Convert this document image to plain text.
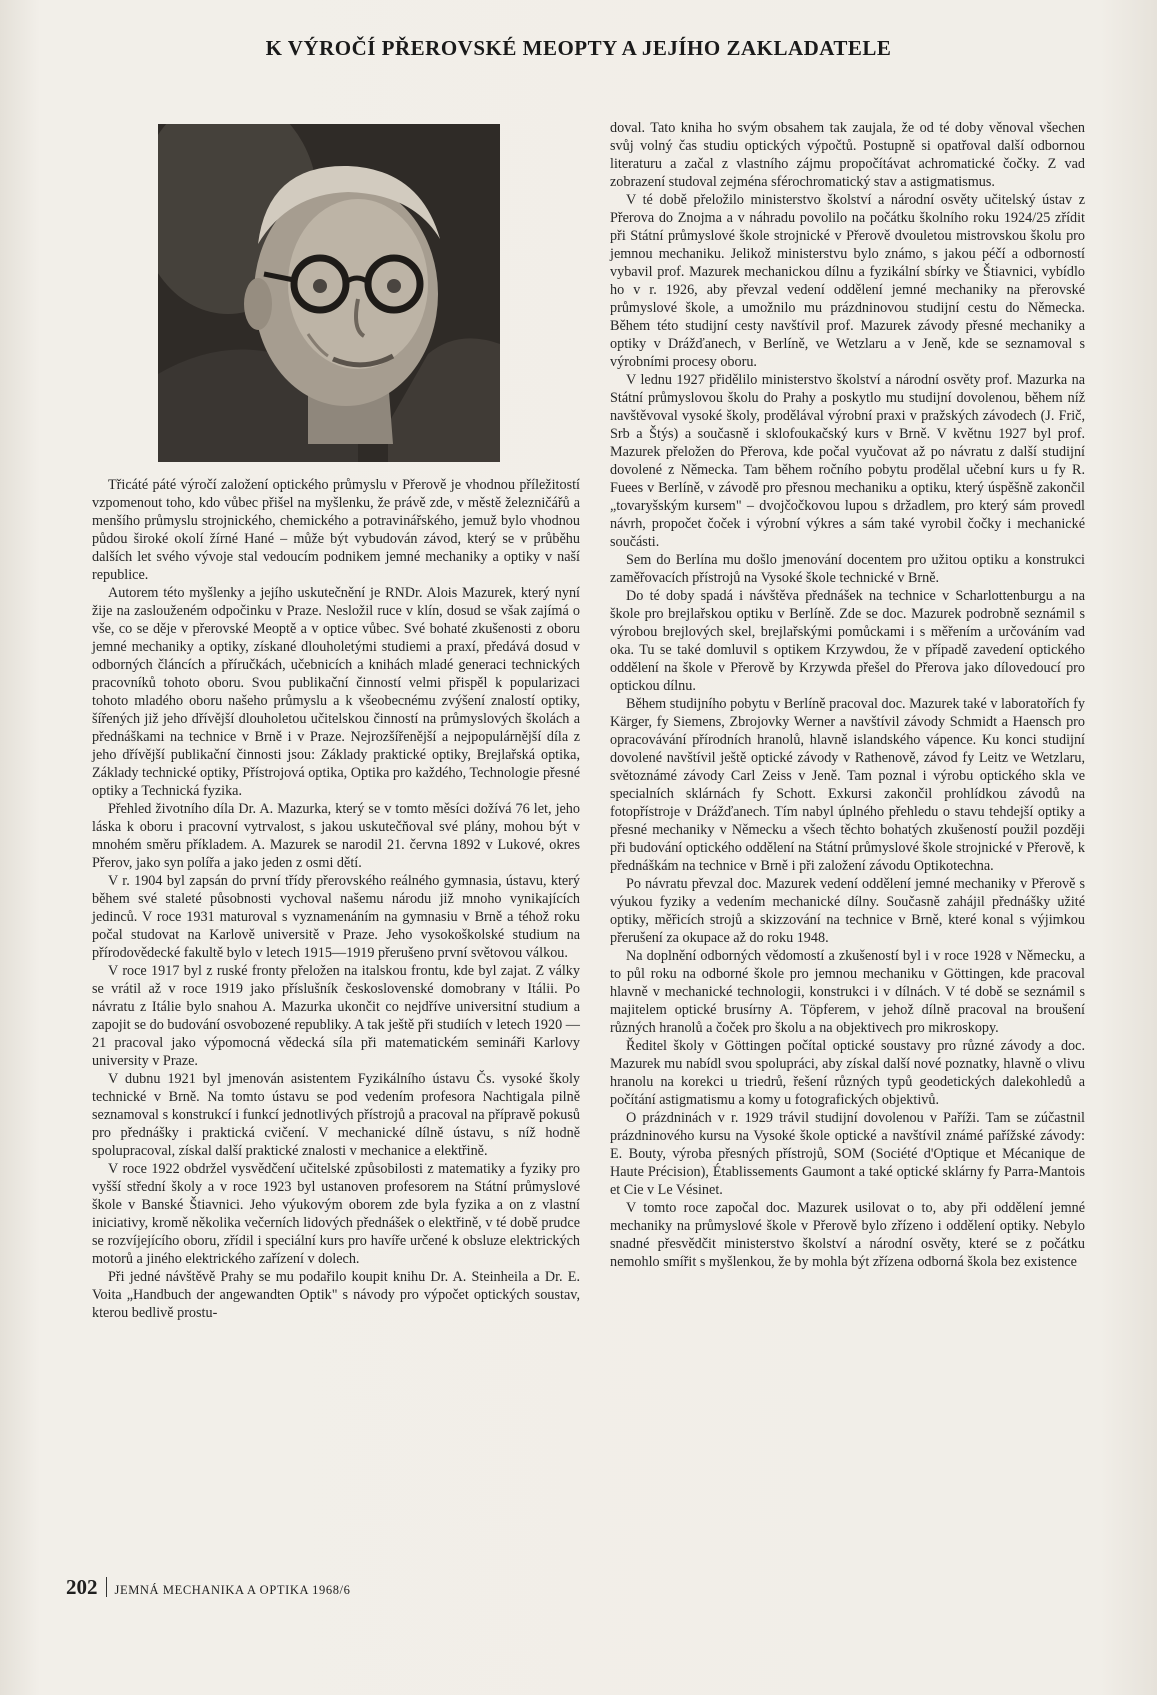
K VÝROČÍ PŘEROVSKÉ MEOPTY A JEJÍHO ZAKLADATELE

Třicáté páté výročí založení optického průmyslu v Přerově je vhodnou příležitostí vzpomenout toho, kdo vůbec přišel na myšlenku, že právě zde, v městě železničářů a menšího průmyslu strojnického, chemického a potravinářského, jemuž bylo vhodnou půdou široké okolí žírné Hané – může být vybudován závod, který se v průběhu dalších let svého vývoje stal vedoucím podnikem jemné mechaniky a optiky v naší republice.

Autorem této myšlenky a jejího uskutečnění je RNDr. Alois Mazurek, který nyní žije na zaslouženém odpočinku v Praze. Nesložil ruce v klín, dosud se však zajímá o vše, co se děje v přerovské Meoptě a v optice vůbec. Své bohaté zkušenosti z oboru jemné mechaniky a optiky, získané dlouholetými studiemi a praxí, předává dosud v odborných článcích a příručkách, učebnicích a knihách mladé generaci technických pracovníků tohoto oboru. Svou publikační činností velmi přispěl k popularizaci tohoto mladého oboru našeho průmyslu a k všeobecnému zvýšení znalostí optiky, šířených již jeho dřívější dlouholetou učitelskou činností na průmyslových školách a přednáškami na technice v Brně i v Praze. Nejrozšířenější a nejpopulárnější díla z jeho dřívější publikační činnosti jsou: Základy praktické optiky, Brejlařská optika, Základy technické optiky, Přístrojová optika, Optika pro každého, Technologie přesné optiky a Technická fyzika.

Přehled životního díla Dr. A. Mazurka, který se v tomto měsíci dožívá 76 let, jeho láska k oboru i pracovní vytrvalost, s jakou uskutečňoval své plány, mohou být v mnohém směru příkladem. A. Mazurek se narodil 21. června 1892 v Lukové, okres Přerov, jako syn polířa a jako jeden z osmi dětí.

V r. 1904 byl zapsán do první třídy přerovského reálného gymnasia, ústavu, který během své staleté působnosti vychoval našemu národu již mnoho vynikajících jedinců. V roce 1931 maturoval s vyznamenáním na gymnasiu v Brně a téhož roku počal studovat na Karlově universitě v Praze. Jeho vysokoškolské studium na přírodovědecké fakultě bylo v letech 1915—1919 přerušeno první světovou válkou.

V roce 1917 byl z ruské fronty přeložen na italskou frontu, kde byl zajat. Z války se vrátil až v roce 1919 jako příslušník československé domobrany v Itálii. Po návratu z Itálie bylo snahou A. Mazurka ukončit co nejdříve universitní studium a zapojit se do budování osvobozené republiky. A tak ještě při studiích v letech 1920 — 21 pracoval jako výpomocná vědecká síla při matematickém semináři Karlovy university v Praze.

V dubnu 1921 byl jmenován asistentem Fyzikálního ústavu Čs. vysoké školy technické v Brně. Na tomto ústavu se pod vedením profesora Nachtigala pilně seznamoval s konstrukcí i funkcí jednotlivých přístrojů a pracoval na přípravě pokusů pro přednášky i praktická cvičení. V mechanické dílně ústavu, s níž hodně spolupracoval, získal další praktické znalosti v mechanice a elektřině.

V roce 1922 obdržel vysvědčení učitelské způsobilosti z matematiky a fyziky pro vyšší střední školy a v roce 1923 byl ustanoven profesorem na Státní průmyslové škole v Banské Štiavnici. Jeho výukovým oborem zde byla fyzika a on z vlastní iniciativy, kromě několika večerních lidových přednášek o elektřině, v té době prudce se rozvíjejícího oboru, zřídil i speciální kurs pro havíře určené k obsluze elektrických motorů a jiného elektrického zařízení v dolech.

Při jedné návštěvě Prahy se mu podařilo koupit knihu Dr. A. Steinheila a Dr. E. Voita „Handbuch der angewandten Optik" s návody pro výpočet optických soustav, kterou bedlivě prostu-

doval. Tato kniha ho svým obsahem tak zaujala, že od té doby věnoval všechen svůj volný čas studiu optických výpočtů. Postupně si opatřoval další odbornou literaturu a začal z vlastního zájmu propočítávat achromatické čočky. Z vad zobrazení studoval zejména sférochromatický stav a astigmatismus.

V té době přeložilo ministerstvo školství a národní osvěty učitelský ústav z Přerova do Znojma a v náhradu povolilo na počátku školního roku 1924/25 zřídit při Státní průmyslové škole strojnické v Přerově dvouletou mistrovskou školu pro jemnou mechaniku. Jelikož ministerstvu bylo známo, s jakou péčí a odborností vybavil prof. Mazurek mechanickou dílnu a fyzikální sbírky ve Štiavnici, vybídlo ho v r. 1926, aby převzal vedení oddělení jemné mechaniky na přerovské průmyslové škole, a umožnilo mu prázdninovou studijní cestu do Německa. Během této studijní cesty navštívil prof. Mazurek závody přesné mechaniky a optiky v Drážďanech, v Berlíně, ve Wetzlaru a v Jeně, kde se seznamoval s výrobními procesy oboru.

V lednu 1927 přidělilo ministerstvo školství a národní osvěty prof. Mazurka na Státní průmyslovou školu do Prahy a poskytlo mu studijní dovolenou, během níž navštěvoval vysoké školy, prodělával výrobní praxi v pražských závodech (J. Frič, Srb a Štýs) a současně i sklofoukačský kurs v Brně. V květnu 1927 byl prof. Mazurek přeložen do Přerova, kde počal vyučovat až po návratu z další studijní dovolené z Německa. Tam během ročního pobytu prodělal učební kurs u fy R. Fuees v Berlíně, v závodě pro přesnou mechaniku a optiku, který úspěšně zakončil „tovaryšským kursem" – dvojčočkovou lupou s držadlem, pro který sám provedl návrh, propočet čoček i výrobní výkres a sám také vyrobil čočky i mechanické součásti.

Sem do Berlína mu došlo jmenování docentem pro užitou optiku a konstrukci zaměřovacích přístrojů na Vysoké škole technické v Brně.

Do té doby spadá i návštěva přednášek na technice v Scharlottenburgu a na škole pro brejlařskou optiku v Berlíně. Zde se doc. Mazurek podrobně seznámil s výrobou brejlových skel, brejlařskými pomůckami i s měřením a určováním vad oka. Tu se také domluvil s optikem Krzywdou, že v případě zavedení optického oddělení na škole v Přerově by Krzywda přešel do Přerova jako dílovedoucí pro optickou dílnu.

Během studijního pobytu v Berlíně pracoval doc. Mazurek také v laboratořích fy Kärger, fy Siemens, Zbrojovky Werner a navštívil závody Schmidt a Haensch pro opracovávání přírodních hranolů, hlavně islandského vápence. Ku konci studijní dovolené navštívil ještě optické závody v Rathenově, závod fy Leitz ve Wetzlaru, světoznámé závody Carl Zeiss v Jeně. Tam poznal i výrobu optického skla ve specialních sklárnách fy Schott. Exkursi zakončil prohlídkou závodů na fotopřístroje v Drážďanech. Tím nabyl úplného přehledu o stavu tehdejší optiky a přesné mechaniky v Německu a všech těchto bohatých zkušeností použil později při budování optického oddělení na Státní průmyslové škole strojnické v Přerově, k přednáškám na technice v Brně i při založení závodu Optikotechna.

Po návratu převzal doc. Mazurek vedení oddělení jemné mechaniky v Přerově s výukou fyziky a vedením mechanické dílny. Současně zahájil přednášky užité optiky, měřicích strojů a skizzování na technice v Brně, které konal s výjimkou přerušení za okupace až do roku 1948.

Na doplnění odborných vědomostí a zkušeností byl i v roce 1928 v Německu, a to půl roku na odborné škole pro jemnou mechaniku v Göttingen, kde pracoval hlavně v mechanické technologii, konstrukci i v dílnách. V té době se seznámil s majitelem optické brusírny A. Töpferem, v jehož dílně pracoval na broušení různých hranolů a čoček pro školu a na objektivech pro mikroskopy.

Ředitel školy v Göttingen počítal optické soustavy pro různé závody a doc. Mazurek mu nabídl svou spolupráci, aby získal další nové poznatky, hlavně o vlivu hranolu na korekci u triedrů, řešení různých typů geodetických dalekohledů a počítání astigmatismu a komy u fotografických objektivů.

O prázdninách v r. 1929 trávil studijní dovolenou v Paříži. Tam se zúčastnil prázdninového kursu na Vysoké škole optické a navštívil známé pařížské závody: E. Bouty, výroba přesných přístrojů, SOM (Société d'Optique et Mécanique de Haute Précision), Établissements Gaumont a také optické sklárny fy Parra-Mantois et Cie v Le Vésinet.

V tomto roce započal doc. Mazurek usilovat o to, aby při oddělení jemné mechaniky na průmyslové škole v Přerově bylo zřízeno i oddělení optiky. Nebylo snadné přesvědčit ministerstvo školství a národní osvěty, které se z počátku nemohlo smířit s myšlenkou, že by mohla být zřízena odborná škola bez existence

202 JEMNÁ MECHANIKA A OPTIKA 1968/6
